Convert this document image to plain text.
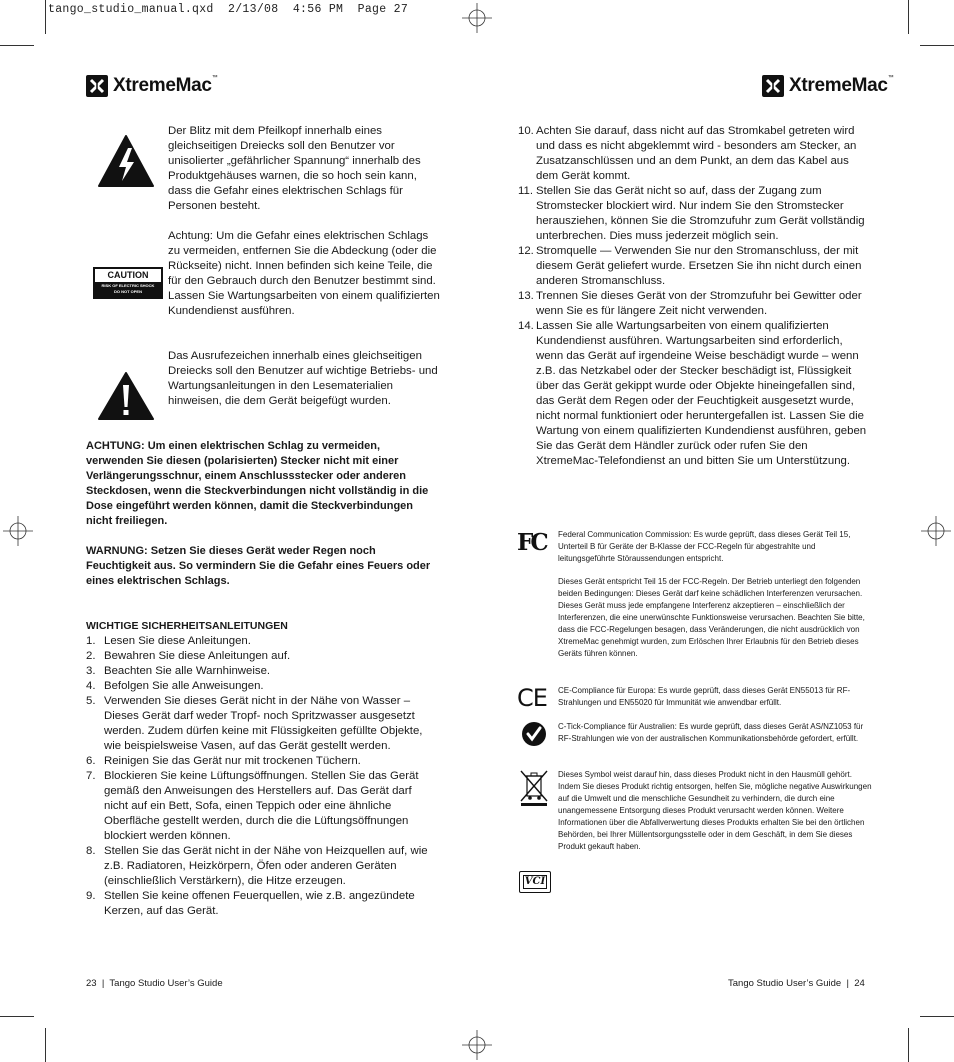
tango_studio_manual.qxd  2/13/08  4:56 PM  Page 27
XtremeMac™	XtremeMac™
Der Blitz mit dem Pfeilkopf innerhalb eines gleichseitigen Dreiecks soll den Benutzer vor unisolierter „gefährlicher Spannung“ innerhalb des Produktgehäuses warnen, die so hoch sein kann, dass die Gefahr eines elektrischen Schlags für Personen besteht.
CAUTION
RISK OF ELECTRIC SHOCK
DO NOT OPEN
Achtung: Um die Gefahr eines elektrischen Schlags zu vermeiden, entfernen Sie die Abdeckung (oder die Rückseite) nicht. Innen befinden sich keine Teile, die für den Gebrauch durch den Benutzer bestimmt sind. Lassen Sie Wartungsarbeiten von einem qualifizierten Kundendienst ausführen.
Das Ausrufezeichen innerhalb eines gleichseitigen Dreiecks soll den Benutzer auf wichtige Betriebs- und Wartungsanleitungen in den Lesematerialien hinweisen, die dem Gerät beigefügt wurden.
ACHTUNG: Um einen elektrischen Schlag zu vermeiden, verwenden Sie diesen (polarisierten) Stecker nicht mit einer Verlängerungsschnur, einem Anschlussstecker oder anderen Steckdosen, wenn die Steckverbindungen nicht vollständig in die Dose eingeführt werden können, damit die Steckverbindungen nicht freiliegen.
WARNUNG: Setzen Sie dieses Gerät weder Regen noch Feuchtigkeit aus. So vermindern Sie die Gefahr eines Feuers oder eines elektrischen Schlags.
WICHTIGE SICHERHEITSANLEITUNGEN
1. Lesen Sie diese Anleitungen.
2. Bewahren Sie diese Anleitungen auf.
3. Beachten Sie alle Warnhinweise.
4. Befolgen Sie alle Anweisungen.
5. Verwenden Sie dieses Gerät nicht in der Nähe von Wasser – Dieses Gerät darf weder Tropf- noch Spritzwasser ausgesetzt werden. Zudem dürfen keine mit Flüssigkeiten gefüllte Objekte, wie beispielsweise Vasen, auf das Gerät gestellt werden.
6. Reinigen Sie das Gerät nur mit trockenen Tüchern.
7. Blockieren Sie keine Lüftungsöffnungen. Stellen Sie das Gerät gemäß den Anweisungen des Herstellers auf. Das Gerät darf nicht auf ein Bett, Sofa, einen Teppich oder eine ähnliche Oberfläche gestellt werden, durch die die Lüftungsöffnungen blockiert werden können.
8. Stellen Sie das Gerät nicht in der Nähe von Heizquellen auf, wie z.B. Radiatoren, Heizkörpern, Öfen oder anderen Geräten (einschließlich Verstärkern), die Hitze erzeugen.
9. Stellen Sie keine offenen Feuerquellen, wie z.B. angezündete Kerzen, auf das Gerät.
23  |  Tango Studio User’s Guide
10. Achten Sie darauf, dass nicht auf das Stromkabel getreten wird und dass es nicht abgeklemmt wird - besonders am Stecker, an Zusatzanschlüssen und an dem Punkt, an dem das Kabel aus dem Gerät kommt.
11. Stellen Sie das Gerät nicht so auf, dass der Zugang zum Stromstecker blockiert wird. Nur indem Sie den Stromstecker herausziehen, können Sie die Stromzufuhr zum Gerät vollständig unterbrechen. Dies muss jederzeit möglich sein.
12. Stromquelle — Verwenden Sie nur den Stromanschluss, der mit diesem Gerät geliefert wurde. Ersetzen Sie ihn nicht durch einen anderen Stromanschluss.
13. Trennen Sie dieses Gerät von der Stromzufuhr bei Gewitter oder wenn Sie es für längere Zeit nicht verwenden.
14. Lassen Sie alle Wartungsarbeiten von einem qualifizierten Kundendienst ausführen. Wartungsarbeiten sind erforderlich, wenn das Gerät auf irgendeine Weise beschädigt wurde – wenn z.B. das Netzkabel oder der Stecker beschädigt ist, Flüssigkeit über das Gerät gekippt wurde oder Objekte hineingefallen sind, das Gerät dem Regen oder der Feuchtigkeit ausgesetzt wurde, nicht normal funktioniert oder heruntergefallen ist. Lassen Sie die Wartung von einem qualifizierten Kundendienst ausführen, geben Sie das Gerät dem Händler zurück oder rufen Sie den XtremeMac-Telefondienst an und bitten Sie um Unterstützung.
FC	Federal Communication Commission: Es wurde geprüft, dass dieses Gerät Teil 15, Unterteil B für Geräte der B-Klasse der FCC-Regeln für abgestrahlte und leitungsgeführte Störaussendungen entspricht.
Dieses Gerät entspricht Teil 15 der FCC-Regeln. Der Betrieb unterliegt den folgenden beiden Bedingungen: Dieses Gerät darf keine schädlichen Interferenzen verursachen. Dieses Gerät muss jede empfangene Interferenz akzeptieren – einschließlich der Interferenzen, die eine unerwünschte Funktionsweise verursachen. Beachten Sie bitte, dass die FCC-Regelungen besagen, dass Veränderungen, die nicht ausdrücklich von XtremeMac genehmigt wurden, zum Erlöschen Ihrer Erlaubnis für den Betrieb dieses Geräts führen können.
CE	CE-Compliance für Europa: Es wurde geprüft, dass dieses Gerät EN55013 für RF-Strahlungen und EN55020 für Immunität wie anwendbar erfüllt.
C-Tick-Compliance für Australien: Es wurde geprüft, dass dieses Gerät AS/NZ1053 für RF-Strahlungen wie von der australischen Kommunikationsbehörde gefordert, erfüllt.
Dieses Symbol weist darauf hin, dass dieses Produkt nicht in den Hausmüll gehört. Indem Sie dieses Produkt richtig entsorgen, helfen Sie, mögliche negative Auswirkungen auf die Umwelt und die menschliche Gesundheit zu verhindern, die durch eine unangemessene Entsorgung dieses Produkt verursacht werden können. Weitere Informationen über die Abfallverwertung dieses Produkts erhalten Sie bei den örtlichen Behörden, bei Ihrer Müllentsorgungsstelle oder in dem Geschäft, in dem Sie dieses Produkt gekauft haben.
VCI
Tango Studio User’s Guide  |  24
